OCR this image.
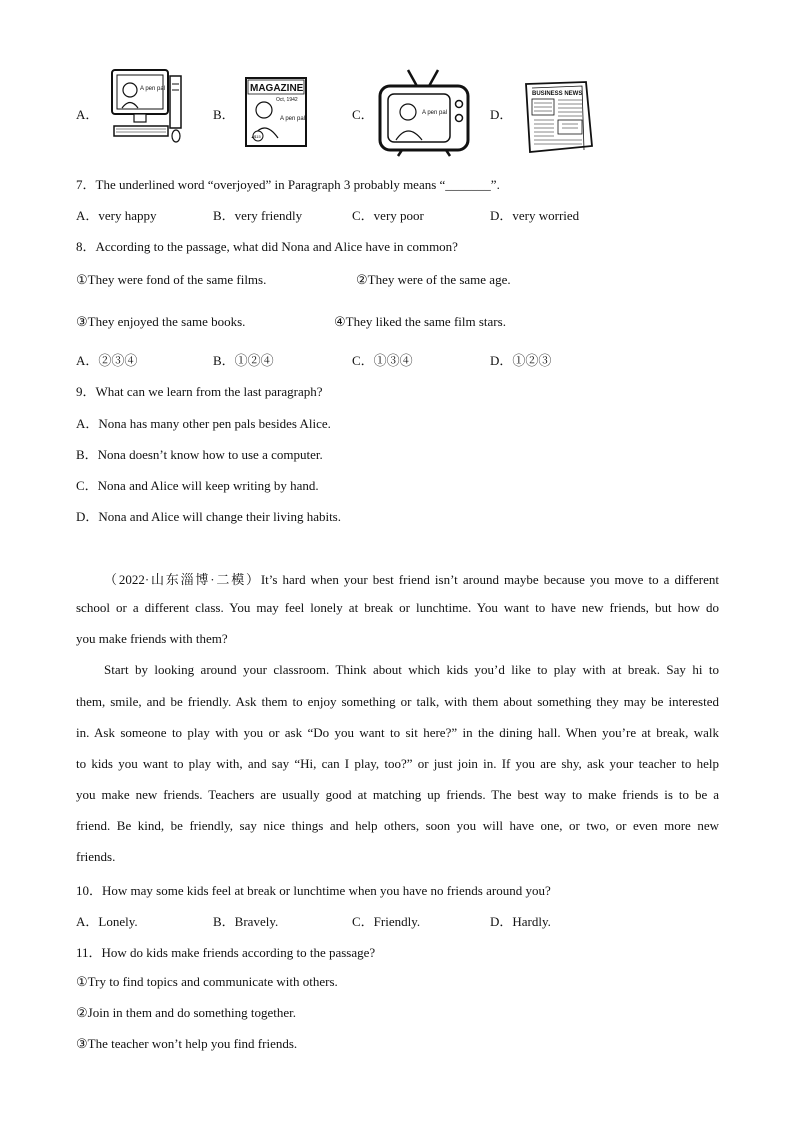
A．
A pen pal
B．
MAGAZINE
Oct, 1942
A pen pal
$15
C．	A pen pal	D．
BUSINESS NEWS
7．The underlined word “overjoyed” in Paragraph 3 probably means “_______”.
A．very happy	B．very friendly	C．very poor	D．very worried
8．According to the passage, what did Nona and Alice have in common?
①They were fond of the same films.	②They were of the same age.
③They enjoyed the same books.	④They liked the same film stars.
A．②③④	B．①②④	C．①③④	D．①②③
9．What can we learn from the last paragraph?
A．Nona has many other pen pals besides Alice.
B．Nona doesn’t know how to use a computer.
C．Nona and Alice will keep writing by hand.
D．Nona and Alice will change their living habits.
（2022·山东淄博·二模）It’s hard when your best friend isn’t around maybe because you move to a different
school or a different class. You may feel lonely at break or lunchtime. You want to have new friends, but how do
you make friends with them?
Start by looking around your classroom. Think about which kids you’d like to play with at break. Say hi to
them, smile, and be friendly. Ask them to enjoy something or talk, with them about something they may be interested
in. Ask someone to play with you or ask “Do you want to sit here?” in the dining hall. When you’re at break, walk
to kids you want to play with, and say “Hi, can I play, too?” or just join in. If you are shy, ask your teacher to help
you make new friends. Teachers are usually good at matching up friends. The best way to make friends is to be a
friend. Be kind, be friendly, say nice things and help others, soon you will have one, or two, or even more new
friends.
10．How may some kids feel at break or lunchtime when you have no friends around you?
A．Lonely.	B．Bravely.	C．Friendly.	D．Hardly.
11．How do kids make friends according to the passage?
①Try to find topics and communicate with others.
②Join in them and do something together.
③The teacher won’t help you find friends.
